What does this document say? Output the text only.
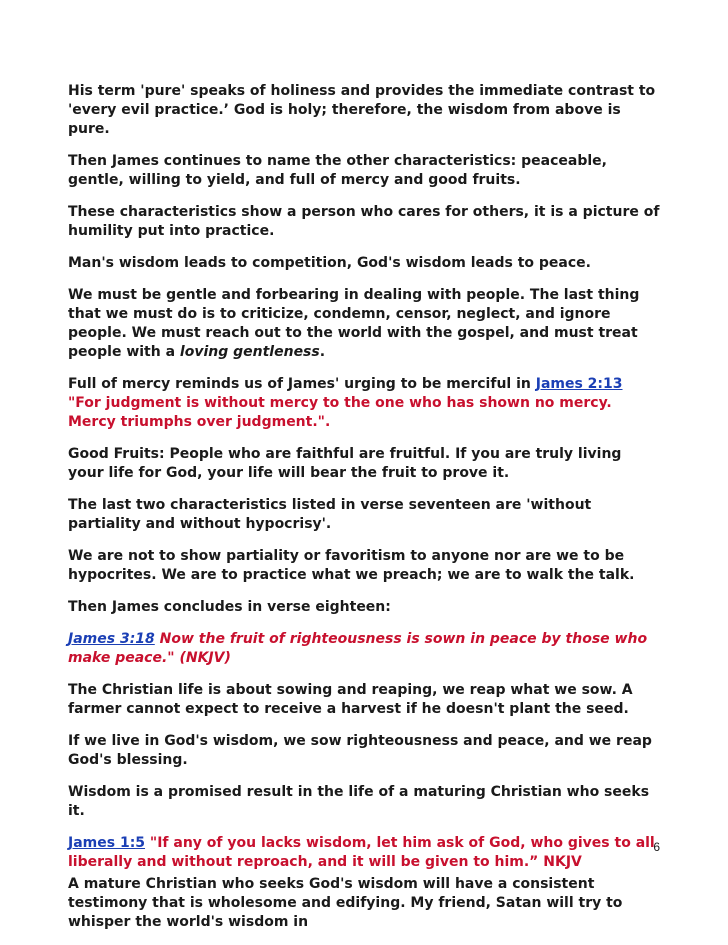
His term 'pure' speaks of holiness and provides the immediate contrast to 'every evil practice.’ God is holy; therefore, the wisdom from above is pure.

Then James continues to name the other characteristics: peaceable, gentle, willing to yield, and full of mercy and good fruits.

These characteristics show a person who cares for others, it is a picture of humility put into practice.

Man's wisdom leads to competition, God's wisdom leads to peace.

We must be gentle and forbearing in dealing with people. The last thing that we must do is to criticize, condemn, censor, neglect, and ignore people. We must reach out to the world with the gospel, and must treat people with a loving gentleness.

Full of mercy reminds us of James' urging to be merciful in James 2:13 "For judgment is without mercy to the one who has shown no mercy. Mercy triumphs over judgment.".

Good Fruits: People who are faithful are fruitful. If you are truly living your life for God, your life will bear the fruit to prove it.

The last two characteristics listed in verse seventeen are 'without partiality and without hypocrisy'.

We are not to show partiality or favoritism to anyone nor are we to be hypocrites. We are to practice what we preach; we are to walk the talk.

Then James concludes in verse eighteen:

James 3:18 Now the fruit of righteousness is sown in peace by those who make peace." (NKJV)

The Christian life is about sowing and reaping, we reap what we sow. A farmer cannot expect to receive a harvest if he doesn't plant the seed.

If we live in God's wisdom, we sow righteousness and peace, and we reap God's blessing.

Wisdom is a promised result in the life of a maturing Christian who seeks it.

James 1:5 "If any of you lacks wisdom, let him ask of God, who gives to all liberally and without reproach, and it will be given to him.” NKJV

A mature Christian who seeks God's wisdom will have a consistent testimony that is wholesome and edifying. My friend, Satan will try to whisper the world's wisdom in

6
